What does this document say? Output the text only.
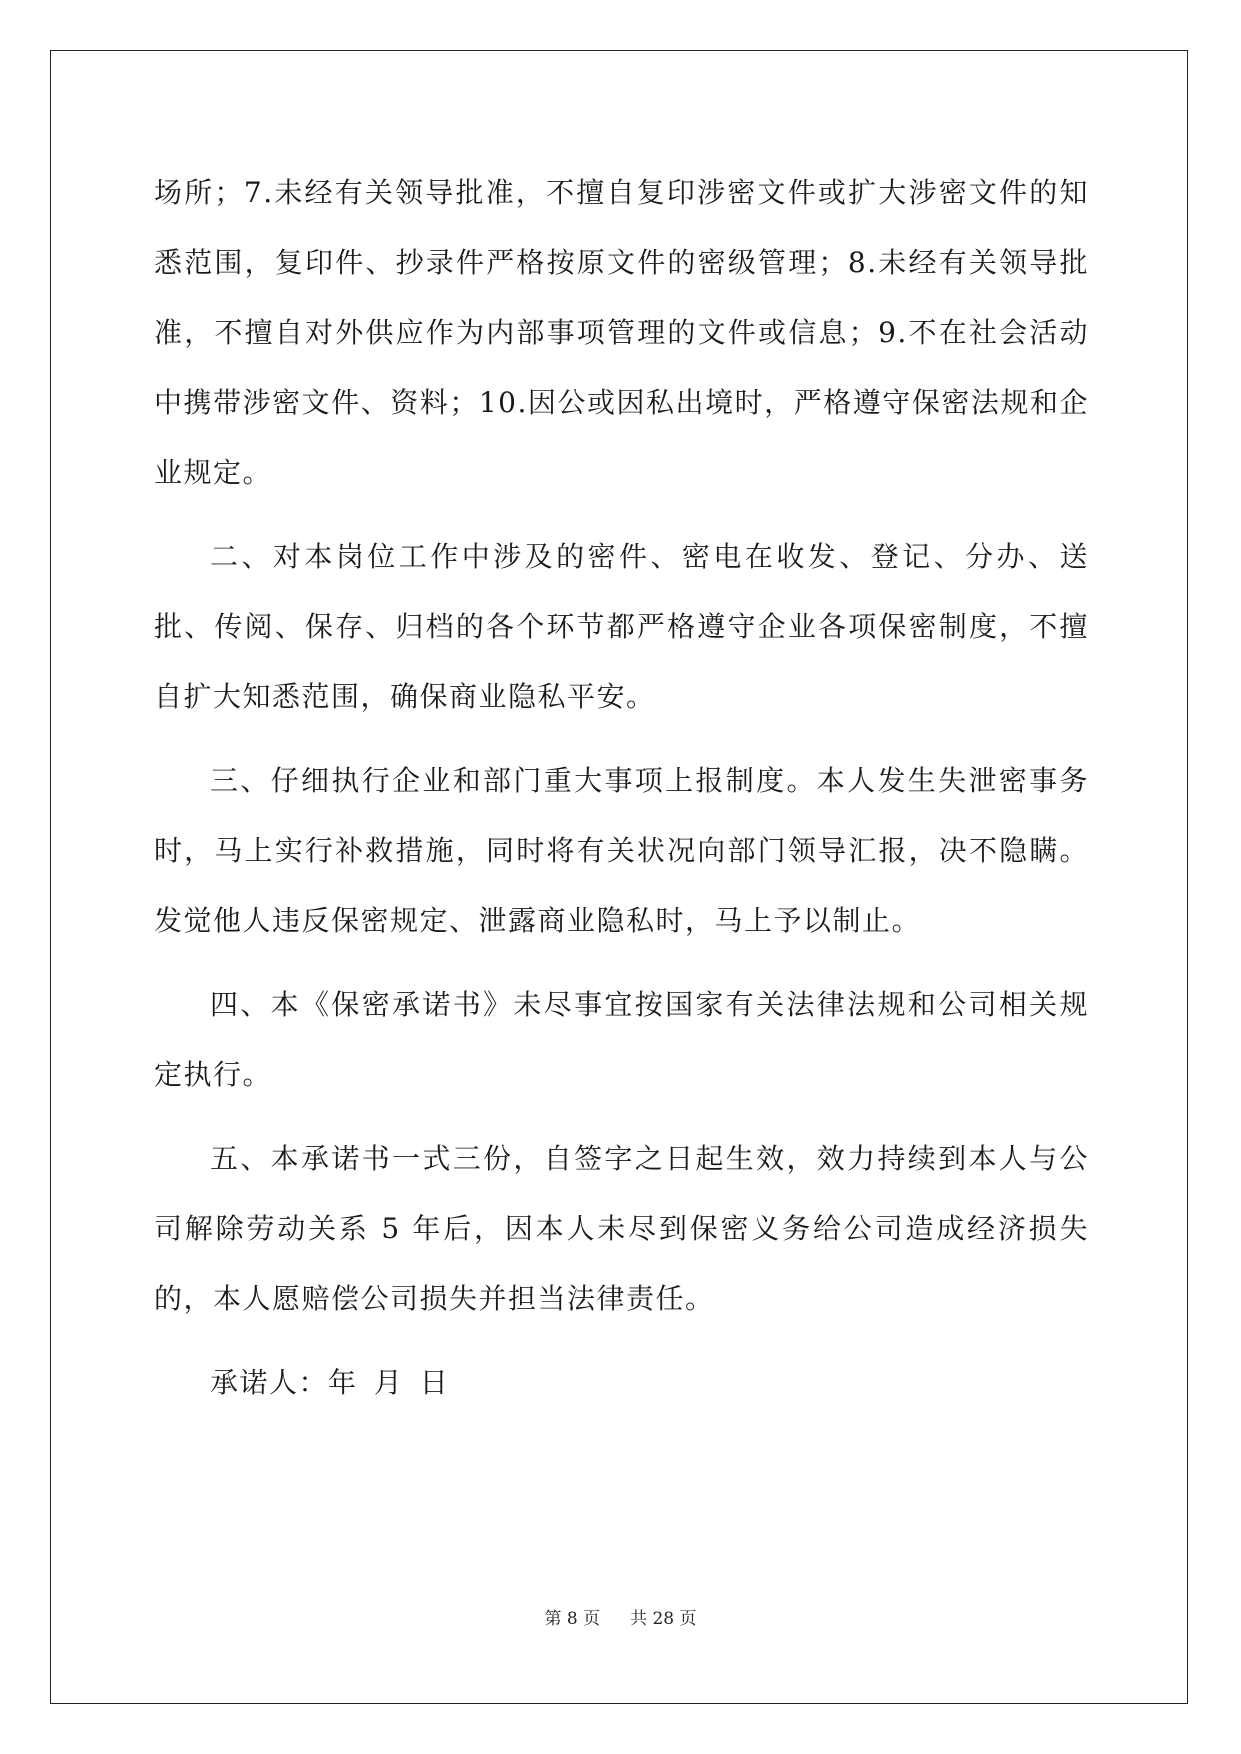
场所；7.未经有关领导批准，不擅自复印涉密文件或扩大涉密文件的知悉范围，复印件、抄录件严格按原文件的密级管理；8.未经有关领导批准，不擅自对外供应作为内部事项管理的文件或信息；9.不在社会活动中携带涉密文件、资料；10.因公或因私出境时，严格遵守保密法规和企业规定。

二、对本岗位工作中涉及的密件、密电在收发、登记、分办、送批、传阅、保存、归档的各个环节都严格遵守企业各项保密制度，不擅自扩大知悉范围，确保商业隐私平安。

三、仔细执行企业和部门重大事项上报制度。本人发生失泄密事务时，马上实行补救措施，同时将有关状况向部门领导汇报，决不隐瞒。发觉他人违反保密规定、泄露商业隐私时，马上予以制止。

四、本《保密承诺书》未尽事宜按国家有关法律法规和公司相关规定执行。

五、本承诺书一式三份，自签字之日起生效，效力持续到本人与公司解除劳动关系 5 年后，因本人未尽到保密义务给公司造成经济损失的，本人愿赔偿公司损失并担当法律责任。

承诺人：年 月 日

第 8 页 共 28 页
